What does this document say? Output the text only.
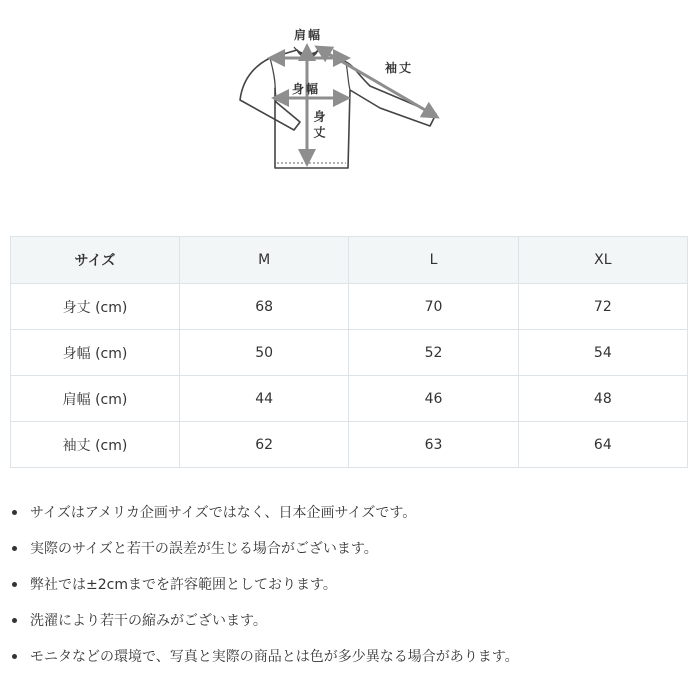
肩幅
袖丈
身幅
身丈
サイズ	M	L	XL
身丈 (cm)	68	70	72
身幅 (cm)	50	52	54
肩幅 (cm)	44	46	48
袖丈 (cm)	62	63	64
サイズはアメリカ企画サイズではなく、日本企画サイズです。
実際のサイズと若干の誤差が生じる場合がございます。
弊社では±2cmまでを許容範囲としております。
洗濯により若干の縮みがございます。
モニタなどの環境で、写真と実際の商品とは色が多少異なる場合があります。
